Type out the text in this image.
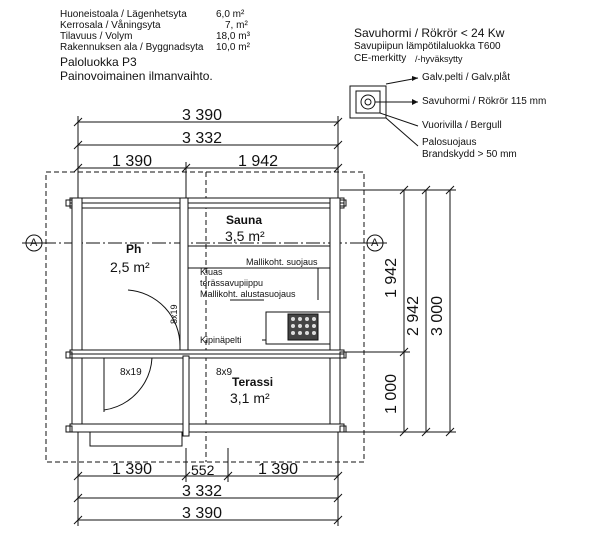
Huoneistoala / Lägenhetsyta	6,0 m²
Kerrosala / Våningsyta	7, m²
Tilavuus / Volym	18,0 m³
Rakennuksen ala / Byggnadsyta 10,0 m²
Paloluokka P3
Painovoimainen ilmanvaihto.
Savuhormi / Rökrör < 24 Kw
Savupiipun lämpötilaluokka T600
CE-merkitty /-hyväksytty
Galv.pelti / Galv.plåt
Savuhormi / Rökrör 115 mm
Vuorivilla / Bergull
Palosuojaus
Brandskydd > 50 mm
3 390
3 332
1 390	1 942
1 390	552	1 390
3 332
3 390
1 942
1 000
2 942 3 000
A	A
Ph
2,5 m²
Sauna
3,5 m²
Terassi
3,1 m²
Mallikoht. suojaus
Kiuas
terässavupiippu
Mallikoht. alustasuojaus
Kipinäpelti
8x19
8x19	8x9
